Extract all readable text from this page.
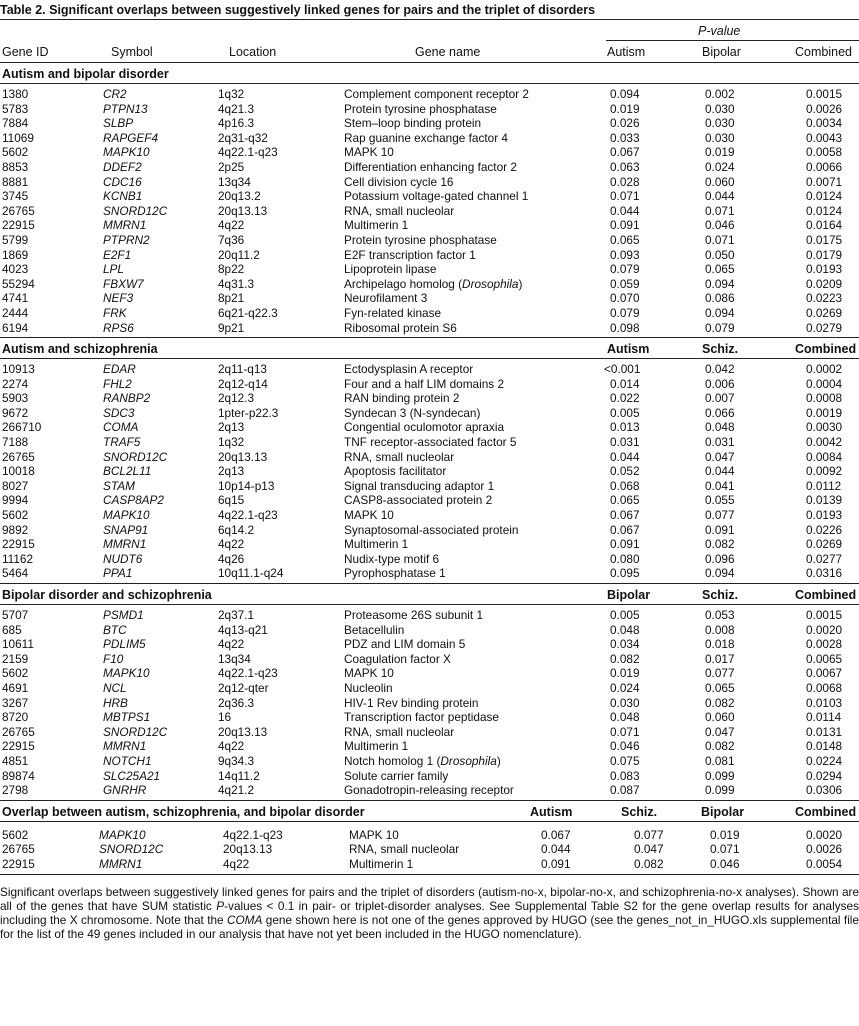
Table 2. Significant overlaps between suggestively linked genes for pairs and the triplet of disorders
P-value
Gene ID	Symbol	Location	Gene name	Autism	Bipolar	Combined
Autism and bipolar disorder
1380	CR2	1q32	Complement component receptor 2	0.094	0.002	0.0015
5783	PTPN13	4q21.3	Protein tyrosine phosphatase	0.019	0.030	0.0026
7884	SLBP	4p16.3	Stem–loop binding protein	0.026	0.030	0.0034
11069	RAPGEF4	2q31-q32	Rap guanine exchange factor 4	0.033	0.030	0.0043
5602	MAPK10	4q22.1-q23	MAPK 10	0.067	0.019	0.0058
8853	DDEF2	2p25	Differentiation enhancing factor 2	0.063	0.024	0.0066
8881	CDC16	13q34	Cell division cycle 16	0.028	0.060	0.0071
3745	KCNB1	20q13.2	Potassium voltage-gated channel 1	0.071	0.044	0.0124
26765	SNORD12C	20q13.13	RNA, small nucleolar	0.044	0.071	0.0124
22915	MMRN1	4q22	Multimerin 1	0.091	0.046	0.0164
5799	PTPRN2	7q36	Protein tyrosine phosphatase	0.065	0.071	0.0175
1869	E2F1	20q11.2	E2F transcription factor 1	0.093	0.050	0.0179
4023	LPL	8p22	Lipoprotein lipase	0.079	0.065	0.0193
55294	FBXW7	4q31.3	Archipelago homolog (Drosophila)	0.059	0.094	0.0209
4741	NEF3	8p21	Neurofilament 3	0.070	0.086	0.0223
2444	FRK	6q21-q22.3	Fyn-related kinase	0.079	0.094	0.0269
6194	RPS6	9p21	Ribosomal protein S6	0.098	0.079	0.0279
Autism and schizophrenia	Autism	Schiz.	Combined
10913	EDAR	2q11-q13	Ectodysplasin A receptor	<0.001	0.042	0.0002
2274	FHL2	2q12-q14	Four and a half LIM domains 2	0.014	0.006	0.0004
5903	RANBP2	2q12.3	RAN binding protein 2	0.022	0.007	0.0008
9672	SDC3	1pter-p22.3	Syndecan 3 (N-syndecan)	0.005	0.066	0.0019
266710	COMA	2q13	Congential oculomotor apraxia	0.013	0.048	0.0030
7188	TRAF5	1q32	TNF receptor-associated factor 5	0.031	0.031	0.0042
26765	SNORD12C	20q13.13	RNA, small nucleolar	0.044	0.047	0.0084
10018	BCL2L11	2q13	Apoptosis facilitator	0.052	0.044	0.0092
8027	STAM	10p14-p13	Signal transducing adaptor 1	0.068	0.041	0.0112
9994	CASP8AP2	6q15	CASP8-associated protein 2	0.065	0.055	0.0139
5602	MAPK10	4q22.1-q23	MAPK 10	0.067	0.077	0.0193
9892	SNAP91	6q14.2	Synaptosomal-associated protein	0.067	0.091	0.0226
22915	MMRN1	4q22	Multimerin 1	0.091	0.082	0.0269
11162	NUDT6	4q26	Nudix-type motif 6	0.080	0.096	0.0277
5464	PPA1	10q11.1-q24	Pyrophosphatase 1	0.095	0.094	0.0316
Bipolar disorder and schizophrenia	Bipolar	Schiz.	Combined
5707	PSMD1	2q37.1	Proteasome 26S subunit 1	0.005	0.053	0.0015
685	BTC	4q13-q21	Betacellulin	0.048	0.008	0.0020
10611	PDLIM5	4q22	PDZ and LIM domain 5	0.034	0.018	0.0028
2159	F10	13q34	Coagulation factor X	0.082	0.017	0.0065
5602	MAPK10	4q22.1-q23	MAPK 10	0.019	0.077	0.0067
4691	NCL	2q12-qter	Nucleolin	0.024	0.065	0.0068
3267	HRB	2q36.3	HIV-1 Rev binding protein	0.030	0.082	0.0103
8720	MBTPS1	16	Transcription factor peptidase	0.048	0.060	0.0114
26765	SNORD12C	20q13.13	RNA, small nucleolar	0.071	0.047	0.0131
22915	MMRN1	4q22	Multimerin 1	0.046	0.082	0.0148
4851	NOTCH1	9q34.3	Notch homolog 1 (Drosophila)	0.075	0.081	0.0224
89874	SLC25A21	14q11.2	Solute carrier family	0.083	0.099	0.0294
2798	GNRHR	4q21.2	Gonadotropin-releasing receptor	0.087	0.099	0.0306
Overlap between autism, schizophrenia, and bipolar disorder	Autism	Schiz.	Bipolar	Combined
5602	MAPK10	4q22.1-q23	MAPK 10	0.067	0.077	0.019	0.0020
26765	SNORD12C	20q13.13	RNA, small nucleolar	0.044	0.047	0.071	0.0026
22915	MMRN1	4q22	Multimerin 1	0.091	0.082	0.046	0.0054
Significant overlaps between suggestively linked genes for pairs and the triplet of disorders (autism-no-x, bipolar-no-x, and schizophrenia-no-x analyses). Shown are all of the genes that have SUM statistic P-values < 0.1 in pair- or triplet-disorder analyses. See Supplemental Table S2 for the gene overlap results for analyses including the X chromosome. Note that the COMA gene shown here is not one of the genes approved by HUGO (see the genes_not_in_HUGO.xls supplemental file for the list of the 49 genes included in our analysis that have not yet been included in the HUGO nomenclature).
